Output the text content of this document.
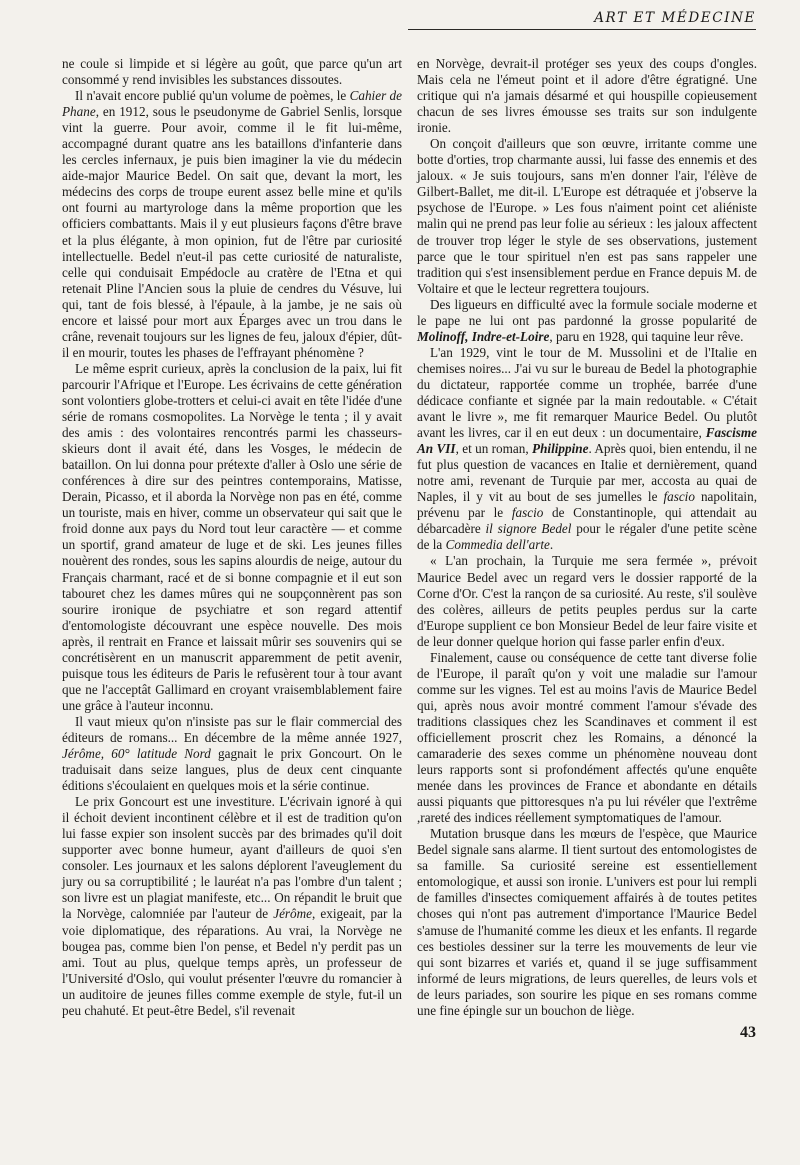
ART ET MÉDECINE

ne coule si limpide et si légère au goût, que parce qu'un art consommé y rend invisibles les substances dissoutes.

Il n'avait encore publié qu'un volume de poèmes, le Cahier de Phane, en 1912, sous le pseudonyme de Gabriel Senlis, lorsque vint la guerre. Pour avoir, comme il le fit lui-même, accompagné durant quatre ans les bataillons d'infanterie dans les cercles infernaux, je puis bien imaginer la vie du médecin aide-major Maurice Bedel. On sait que, devant la mort, les médecins des corps de troupe eurent assez belle mine et qu'ils ont fourni au martyrologe dans la même proportion que les officiers combattants. Mais il y eut plusieurs façons d'être brave et la plus élégante, à mon opinion, fut de l'être par curiosité intellectuelle. Bedel n'eut-il pas cette curiosité de naturaliste, celle qui conduisait Empédocle au cratère de l'Etna et qui retenait Pline l'Ancien sous la pluie de cendres du Vésuve, lui qui, tant de fois blessé, à l'épaule, à la jambe, je ne sais où encore et laissé pour mort aux Éparges avec un trou dans le crâne, revenait toujours sur les lignes de feu, jaloux d'épier, dût-il en mourir, toutes les phases de l'effrayant phénomène ?

Le même esprit curieux, après la conclusion de la paix, lui fit parcourir l'Afrique et l'Europe. Les écrivains de cette génération sont volontiers globe-trotters et celui-ci avait en tête l'idée d'une série de romans cosmopolites. La Norvège le tenta ; il y avait des amis : des volontaires rencontrés parmi les chasseurs-skieurs dont il avait été, dans les Vosges, le médecin de bataillon. On lui donna pour prétexte d'aller à Oslo une série de conférences à dire sur des peintres contemporains, Matisse, Derain, Picasso, et il aborda la Norvège non pas en été, comme un touriste, mais en hiver, comme un observateur qui sait que le froid donne aux pays du Nord tout leur caractère — et comme un sportif, grand amateur de luge et de ski. Les jeunes filles nouèrent des rondes, sous les sapins alourdis de neige, autour du Français charmant, racé et de si bonne compagnie et il eut son tabouret chez les dames mûres qui ne soupçonnèrent pas son sourire ironique de psychiatre et son regard attentif d'entomologiste découvrant une espèce nouvelle. Des mois après, il rentrait en France et laissait mûrir ses souvenirs qui se concrétisèrent en un manuscrit apparemment de petit avenir, puisque tous les éditeurs de Paris le refusèrent tour à tour avant que ne l'acceptât Gallimard en croyant vraisemblablement faire une grâce à l'auteur inconnu.

Il vaut mieux qu'on n'insiste pas sur le flair commercial des éditeurs de romans... En décembre de la même année 1927, Jérôme, 60° latitude Nord gagnait le prix Goncourt. On le traduisait dans seize langues, plus de deux cent cinquante éditions s'écoulaient en quelques mois et la série continue.

Le prix Goncourt est une investiture. L'écrivain ignoré à qui il échoit devient incontinent célèbre et il est de tradition qu'on lui fasse expier son insolent succès par des brimades qu'il doit supporter avec bonne humeur, ayant d'ailleurs de quoi s'en consoler. Les journaux et les salons déplorent l'aveuglement du jury ou sa corruptibilité ; le lauréat n'a pas l'ombre d'un talent ; son livre est un plagiat manifeste, etc... On répandit le bruit que la Norvège, calomniée par l'auteur de Jérôme, exigeait, par la voie diplomatique, des réparations. Au vrai, la Norvège ne bougea pas, comme bien l'on pense, et Bedel n'y perdit pas un ami. Tout au plus, quelque temps après, un professeur de l'Université d'Oslo, qui voulut présenter l'œuvre du romancier à un auditoire de jeunes filles comme exemple de style, fut-il un peu chahuté. Et peut-être Bedel, s'il revenait

en Norvège, devrait-il protéger ses yeux des coups d'ongles. Mais cela ne l'émeut point et il adore d'être égratigné. Une critique qui n'a jamais désarmé et qui houspille copieusement chacun de ses livres émousse ses traits sur son indulgente ironie.

On conçoit d'ailleurs que son œuvre, irritante comme une botte d'orties, trop charmante aussi, lui fasse des ennemis et des jaloux. « Je suis toujours, sans m'en donner l'air, l'élève de Gilbert-Ballet, me dit-il. L'Europe est détraquée et j'observe la psychose de l'Europe. » Les fous n'aiment point cet aliéniste malin qui ne prend pas leur folie au sérieux : les jaloux affectent de trouver trop léger le style de ses observations, justement parce que le tour spirituel n'en est pas sans rappeler une tradition qui s'est insensiblement perdue en France depuis M. de Voltaire et que le lecteur regrettera toujours.

Des ligueurs en difficulté avec la formule sociale moderne et le pape ne lui ont pas pardonné la grosse popularité de Molinoff, Indre-et-Loire, paru en 1928, qui taquine leur rêve.

L'an 1929, vint le tour de M. Mussolini et de l'Italie en chemises noires... J'ai vu sur le bureau de Bedel la photographie du dictateur, rapportée comme un trophée, barrée d'une dédicace confiante et signée par la main redoutable. « C'était avant le livre », me fit remarquer Maurice Bedel. Ou plutôt avant les livres, car il en eut deux : un documentaire, Fascisme An VII, et un roman, Philippine. Après quoi, bien entendu, il ne fut plus question de vacances en Italie et dernièrement, quand notre ami, revenant de Turquie par mer, accosta au quai de Naples, il y vit au bout de ses jumelles le fascio napolitain, prévenu par le fascio de Constantinople, qui attendait au débarcadère il signore Bedel pour le régaler d'une petite scène de la Commedia dell'arte.

« L'an prochain, la Turquie me sera fermée », prévoit Maurice Bedel avec un regard vers le dossier rapporté de la Corne d'Or. C'est la rançon de sa curiosité. Au reste, s'il soulève des colères, ailleurs de petits peuples perdus sur la carte d'Europe supplient ce bon Monsieur Bedel de leur faire visite et de leur donner quelque horion qui fasse parler enfin d'eux.

Finalement, cause ou conséquence de cette tant diverse folie de l'Europe, il paraît qu'on y voit une maladie sur l'amour comme sur les vignes. Tel est au moins l'avis de Maurice Bedel qui, après nous avoir montré comment l'amour s'évade des traditions classiques chez les Scandinaves et comment il est officiellement proscrit chez les Romains, a dénoncé la camaraderie des sexes comme un phénomène nouveau dont leurs rapports sont si profondément affectés qu'une enquête menée dans les provinces de France et abondante en détails aussi piquants que pittoresques n'a pu lui révéler que l'extrême ,rareté des indices réellement symptomatiques de l'amour.

Mutation brusque dans les mœurs de l'espèce, que Maurice Bedel signale sans alarme. Il tient surtout des entomologistes de sa famille. Sa curiosité sereine est essentiellement entomologique, et aussi son ironie. L'univers est pour lui rempli de familles d'insectes comiquement affairés à de toutes petites choses qui n'ont pas autrement d'importance l'Maurice Bedel s'amuse de l'humanité comme les dieux et les enfants. Il regarde ces bestioles dessiner sur la terre les mouvements de leur vie qui sont bizarres et variés et, quand il se juge suffisamment informé de leurs migrations, de leurs querelles, de leurs vols et de leurs pariades, son sourire les pique en ses romans comme une fine épingle sur un bouchon de liège.

43
